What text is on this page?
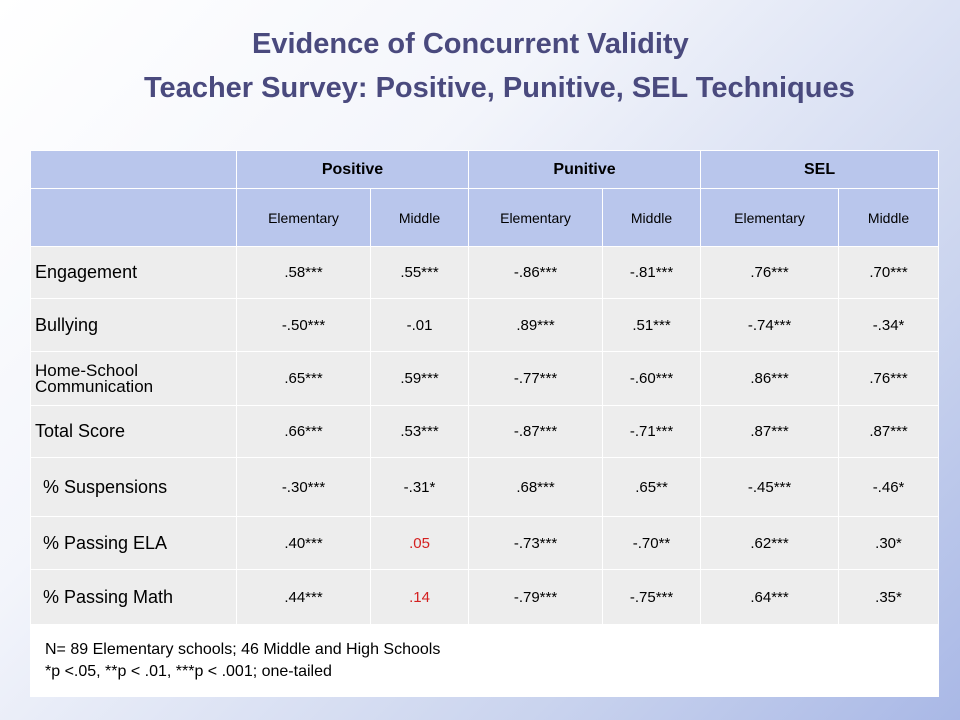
Evidence of Concurrent Validity
Teacher Survey: Positive, Punitive, SEL Techniques
	Positive		Punitive		SEL	
	Elementary	Middle	Elementary	Middle	Elementary	Middle
Engagement	.58***	.55***	-.86***	-.81***	.76***	.70***
Bullying	-.50***	-.01	.89***	.51***	-.74***	-.34*
Home-School Communication	.65***	.59***	-.77***	-.60***	.86***	.76***
Total Score	.66***	.53***	-.87***	-.71***	.87***	.87***
% Suspensions	-.30***	-.31*	.68***	.65**	-.45***	-.46*
% Passing ELA	.40***	.05	-.73***	-.70**	.62***	.30*
% Passing Math	.44***	.14	-.79***	-.75***	.64***	.35*

N= 89 Elementary schools; 46 Middle and High Schools
*p <.05, **p < .01, ***p < .001; one-tailed						
